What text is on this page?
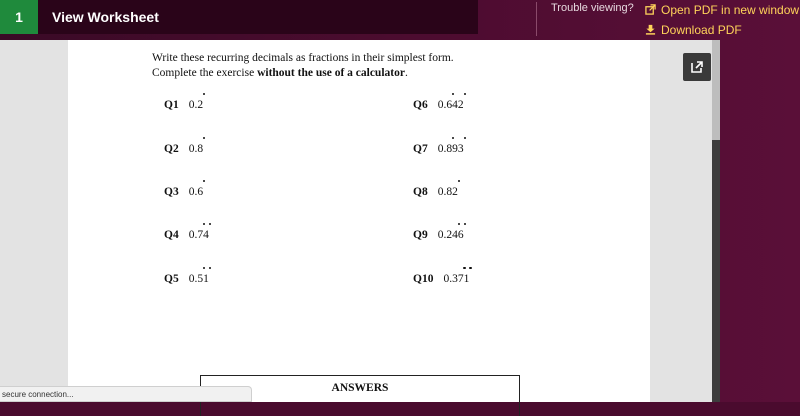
1	View Worksheet
Trouble viewing? Open PDF in new window
Download PDF
Write these recurring decimals as fractions in their simplest form.
Complete the exercise without the use of a calculator.
Q1 0.2
Q2 0.8
Q3 0.6
Q4 0.74
Q5 0.51
Q6 0.642
Q7 0.893
Q8 0.82
Q9 0.246
Q10 0.371
ANSWERS
secure connection...
